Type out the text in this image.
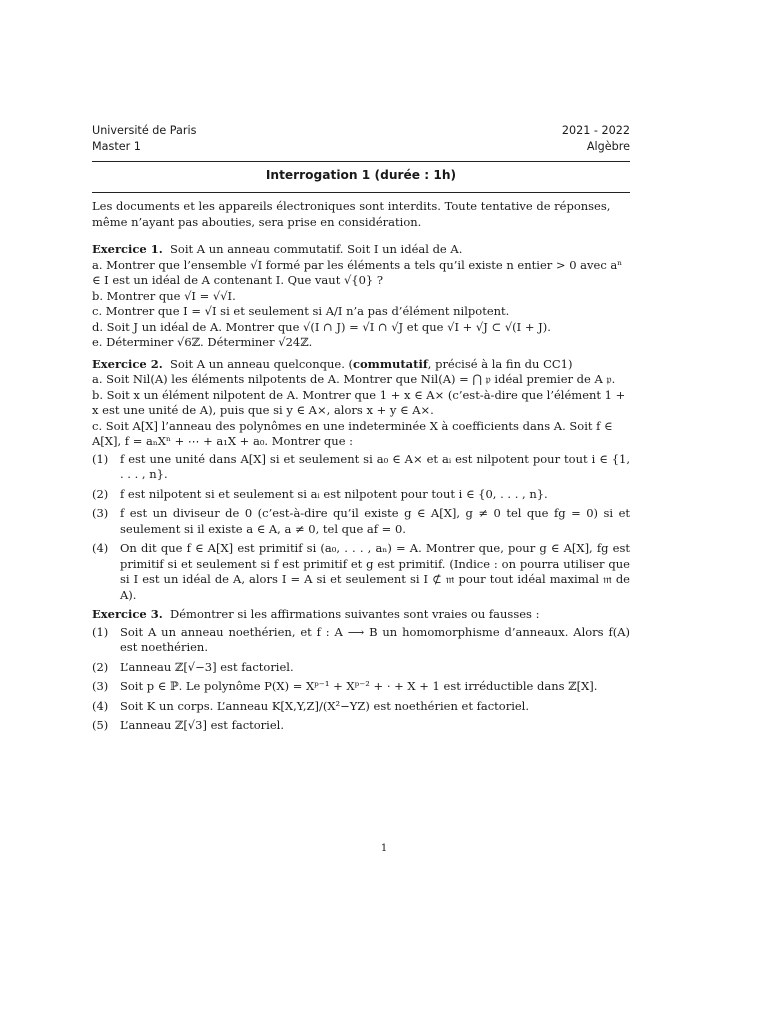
Université de Paris	2021 - 2022
Master 1	Algèbre
Interrogation 1 (durée : 1h)
Les documents et les appareils électroniques sont interdits. Toute tentative de réponses, même n’ayant pas abouties, sera prise en considération.

Exercice 1. Soit A un anneau commutatif. Soit I un idéal de A.

a. Montrer que l’ensemble √I formé par les éléments a tels qu’il existe n entier > 0 avec aⁿ ∈ I est un idéal de A contenant I. Que vaut √{0} ?

b. Montrer que √I = √√I.

c. Montrer que I = √I si et seulement si A/I n’a pas d’élément nilpotent.

d. Soit J un idéal de A. Montrer que √(I ∩ J) = √I ∩ √J et que √I + √J ⊂ √(I + J).

e. Déterminer √6ℤ. Déterminer √24ℤ.

Exercice 2. Soit A un anneau quelconque. (commutatif, précisé à la fin du CC1)

a. Soit Nil(A) les éléments nilpotents de A. Montrer que Nil(A) = ⋂ 𝔭 idéal premier de A 𝔭.

b. Soit x un élément nilpotent de A. Montrer que 1 + x ∈ A× (c’est-à-dire que l’élément 1 + x est une unité de A), puis que si y ∈ A×, alors x + y ∈ A×.

c. Soit A[X] l’anneau des polynômes en une indeterminée X à coefficients dans A. Soit f ∈ A[X], f = aₙXⁿ + ⋯ + a₁X + a₀. Montrer que :

(1)	f est une unité dans A[X] si et seulement si a₀ ∈ A× et aᵢ est nilpotent pour tout i ∈ {1, . . . , n}.
(2)	f est nilpotent si et seulement si aᵢ est nilpotent pour tout i ∈ {0, . . . , n}.
(3)	f est un diviseur de 0 (c’est-à-dire qu’il existe g ∈ A[X], g ≠ 0 tel que fg = 0) si et seulement si il existe a ∈ A, a ≠ 0, tel que af = 0.
(4)	On dit que f ∈ A[X] est primitif si (a₀, . . . , aₙ) = A. Montrer que, pour g ∈ A[X], fg est primitif si et seulement si f est primitif et g est primitif. (Indice : on pourra utiliser que si I est un idéal de A, alors I = A si et seulement si I ⊄ 𝔪 pour tout idéal maximal 𝔪 de A).

Exercice 3. Démontrer si les affirmations suivantes sont vraies ou fausses :

(1)	Soit A un anneau noethérien, et f : A ⟶ B un homomorphisme d’anneaux. Alors f(A) est noethérien.
(2)	L’anneau ℤ[√−3] est factoriel.
(3)	Soit p ∈ ℙ. Le polynôme P(X) = Xᵖ⁻¹ + Xᵖ⁻² + · + X + 1 est irréductible dans ℤ[X].
(4)	Soit K un corps. L’anneau K[X,Y,Z]/(X²−YZ) est noethérien et factoriel.
(5)	L’anneau ℤ[√3] est factoriel.
1
